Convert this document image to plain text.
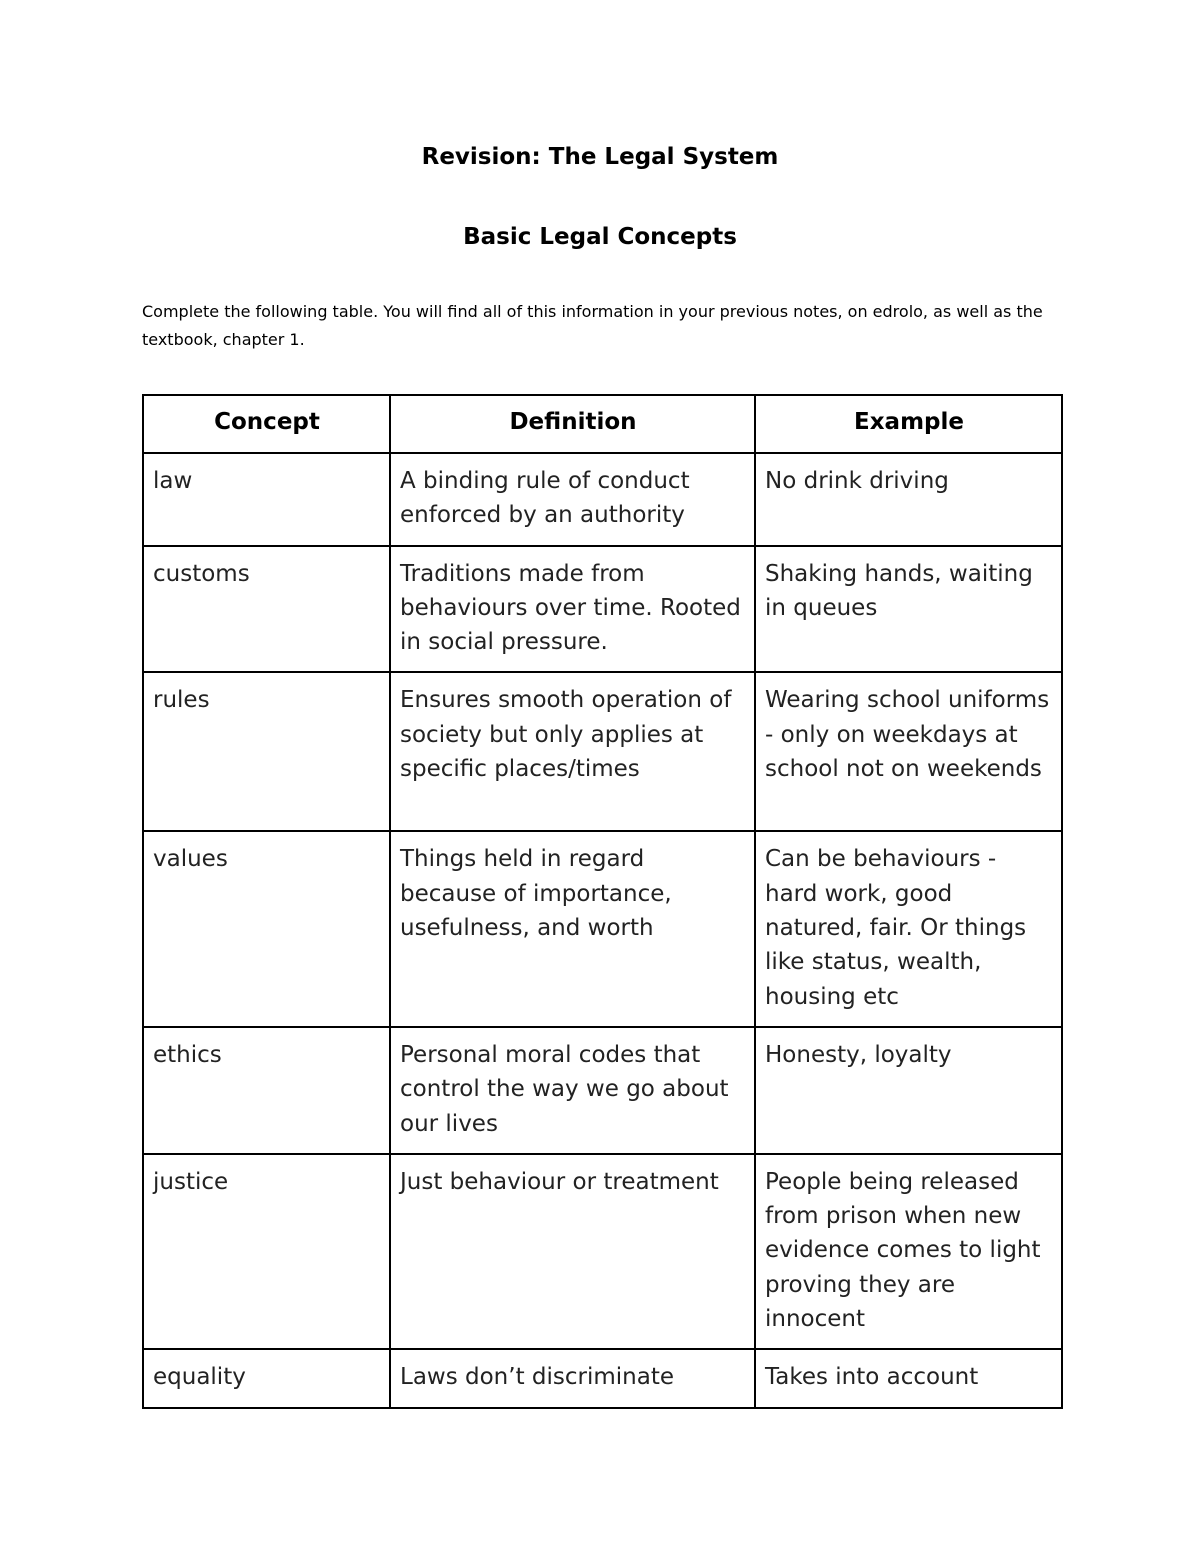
Revision: The Legal System
Basic Legal Concepts

Complete the following table. You will find all of this information in your previous notes, on edrolo, as well as the textbook, chapter 1.

Concept	Definition	Example
law	A binding rule of conduct enforced by an authority	No drink driving
customs	Traditions made from behaviours over time. Rooted in social pressure.	Shaking hands, waiting in queues
rules	Ensures smooth operation of society but only applies at specific places/times	Wearing school uniforms - only on weekdays at school not on weekends
values	Things held in regard because of importance, usefulness, and worth	Can be behaviours - hard work, good natured, fair. Or things like status, wealth, housing etc
ethics	Personal moral codes that control the way we go about our lives	Honesty, loyalty
justice	Just behaviour or treatment	People being released from prison when new evidence comes to light proving they are innocent
equality	Laws don’t discriminate	Takes into account
